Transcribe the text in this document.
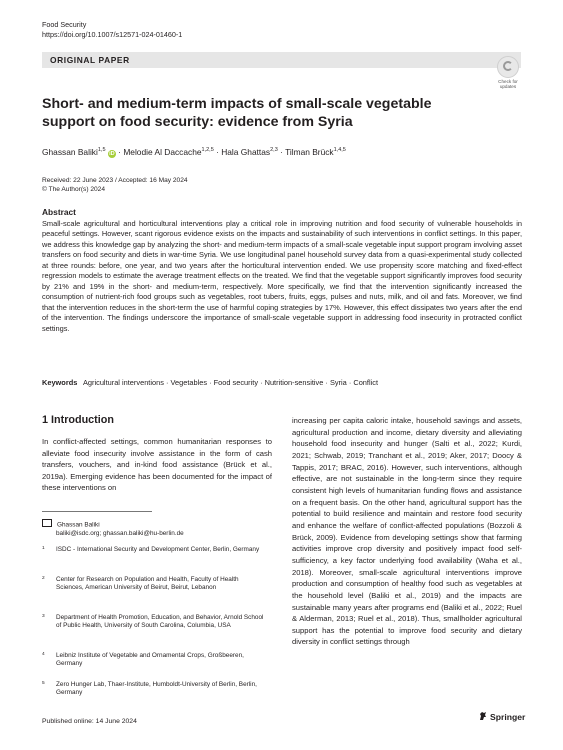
Food Security
https://doi.org/10.1007/s12571-024-01460-1
ORIGINAL PAPER
Check for updates
Short- and medium-term impacts of small-scale vegetable support on food security: evidence from Syria
Ghassan Baliki$^{1,5}$ iD · Melodie Al Daccache$^{1,2,5}$ · Hala Ghattas$^{2,3}$ · Tilman Brück$^{1,4,5}$
Received: 22 June 2023 / Accepted: 16 May 2024
© The Author(s) 2024
Abstract
Small-scale agricultural and horticultural interventions play a critical role in improving nutrition and food security of vulnerable households in peaceful settings. However, scant rigorous evidence exists on the impacts and sustainability of such interventions in conflict settings. In this paper, we address this knowledge gap by analyzing the short- and medium-term impacts of a small-scale vegetable input support program involving asset transfers on food security and diets in war-time Syria. We use longitudinal panel household survey data from a quasi-experimental study collected at three rounds: before, one year, and two years after the horticultural intervention ended. We use propensity score matching and fixed-effect regression models to estimate the average treatment effects on the treated. We find that the vegetable support significantly improves food security by 21% and 19% in the short- and medium-term, respectively. More specifically, we find that the intervention significantly increased the consumption of nutrient-rich food groups such as vegetables, root tubers, fruits, eggs, pulses and nuts, milk, and oil and fats. Moreover, we find that the intervention reduces in the short-term the use of harmful coping strategies by 17%. However, this effect dissipates two years after the end of the intervention. The findings underscore the importance of small-scale vegetable support in addressing food insecurity in protracted conflict settings.
Keywords Agricultural interventions · Vegetables · Food security · Nutrition-sensitive · Syria · Conflict
1 Introduction
In conflict-affected settings, common humanitarian responses to alleviate food insecurity involve assistance in the form of cash transfers, vouchers, and in-kind food assistance (Brück et al., 2019a). Emerging evidence has been documented for the impact of these interventions on
increasing per capita caloric intake, household savings and assets, agricultural production and income, dietary diversity and alleviating household food insecurity and hunger (Salti et al., 2022; Kurdi, 2021; Schwab, 2019; Tranchant et al., 2019; Aker, 2017; Doocy & Tappis, 2017; BRAC, 2016). However, such interventions, although effective, are not sustainable in the long-term since they require consistent high levels of humanitarian funding flows and assistance on a frequent basis. On the other hand, agricultural support has the potential to build resilience and maintain and restore food security and enhance the welfare of conflict-affected populations (Bozzoli & Brück, 2009). Evidence from developing settings show that farming activities improve crop diversity and positively impact food self-sufficiency, a key factor underlying food availability (Waha et al., 2018). Moreover, small-scale agricultural interventions improve production and consumption of healthy food such as vegetables at the household level (Baliki et al., 2019) and the impacts are sustainable many years after programs end (Baliki et al., 2022; Ruel & Alderman, 2013; Ruel et al., 2018). Thus, smallholder agricultural support has the potential to improve food security and dietary diversity in conflict settings through
Ghassan Baliki
baliki@isdc.org; ghassan.baliki@hu-berlin.de
1 ISDC - International Security and Development Center, Berlin, Germany
2 Center for Research on Population and Health, Faculty of Health Sciences, American University of Beirut, Beirut, Lebanon
3 Department of Health Promotion, Education, and Behavior, Arnold School of Public Health, University of South Carolina, Columbia, USA
4 Leibniz Institute of Vegetable and Ornamental Crops, Großbeeren, Germany
5 Zero Hunger Lab, Thaer-Institute, Humboldt-University of Berlin, Berlin, Germany
Published online: 14 June 2024	Springer
